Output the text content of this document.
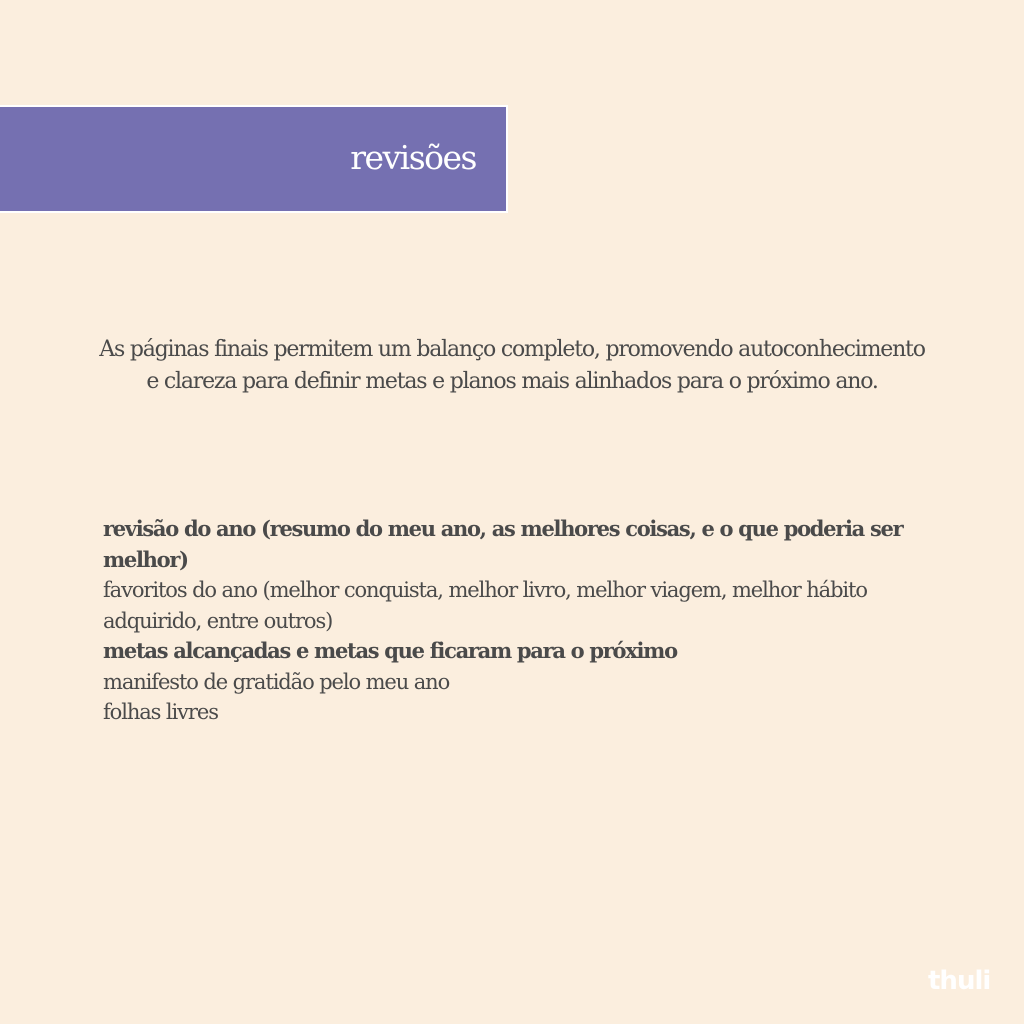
revisões

As páginas finais permitem um balanço completo, promovendo autoconhecimento e clareza para definir metas e planos mais alinhados para o próximo ano.

revisão do ano (resumo do meu ano, as melhores coisas, e o que poderia ser melhor)
favoritos do ano (melhor conquista, melhor livro, melhor viagem, melhor hábito adquirido, entre outros)
metas alcançadas e metas que ficaram para o próximo
manifesto de gratidão pelo meu ano
folhas livres
thuli
